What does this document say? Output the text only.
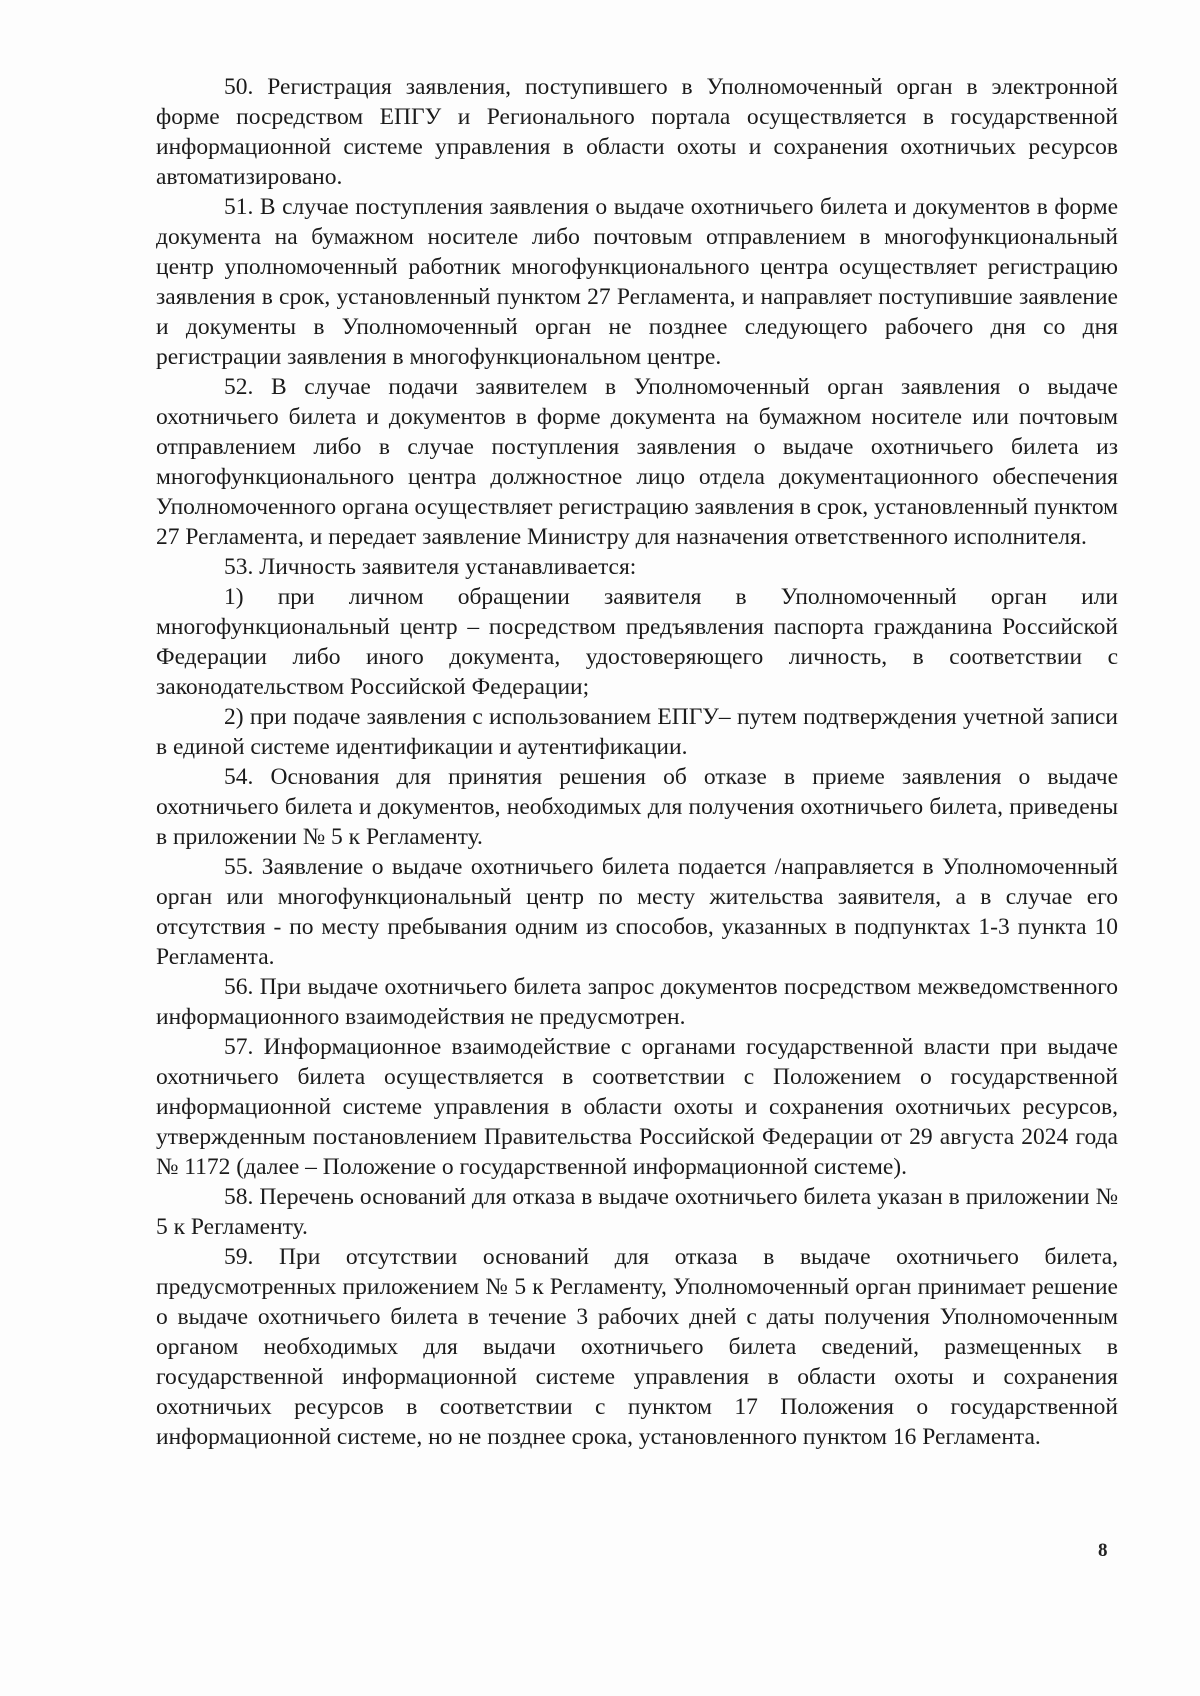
50. Регистрация заявления, поступившего в Уполномоченный орган в электронной форме посредством ЕПГУ и Регионального портала осуществляется в государственной информационной системе управления в области охоты и сохранения охотничьих ресурсов автоматизировано.

51. В случае поступления заявления о выдаче охотничьего билета и документов в форме документа на бумажном носителе либо почтовым отправлением в многофункциональный центр уполномоченный работник многофункционального центра осуществляет регистрацию заявления в срок, установленный пунктом 27 Регламента, и направляет поступившие заявление и документы в Уполномоченный орган не позднее следующего рабочего дня со дня регистрации заявления в многофункциональном центре.

52. В случае подачи заявителем в Уполномоченный орган заявления о выдаче охотничьего билета и документов в форме документа на бумажном носителе или почтовым отправлением либо в случае поступления заявления о выдаче охотничьего билета из многофункционального центра должностное лицо отдела документационного обеспечения Уполномоченного органа осуществляет регистрацию заявления в срок, установленный пунктом 27 Регламента, и передает заявление Министру для назначения ответственного исполнителя.

53. Личность заявителя устанавливается:

1) при личном обращении заявителя в Уполномоченный орган или многофункциональный центр – посредством предъявления паспорта гражданина Российской Федерации либо иного документа, удостоверяющего личность, в соответствии с законодательством Российской Федерации;

2) при подаче заявления с использованием ЕПГУ– путем подтверждения учетной записи в единой системе идентификации и аутентификации.

54. Основания для принятия решения об отказе в приеме заявления о выдаче охотничьего билета и документов, необходимых для получения охотничьего билета, приведены в приложении № 5 к Регламенту.

55. Заявление о выдаче охотничьего билета подается /направляется в Уполномоченный орган или многофункциональный центр по месту жительства заявителя, а в случае его отсутствия - по месту пребывания одним из способов, указанных в подпунктах 1-3 пункта 10 Регламента.

56. При выдаче охотничьего билета запрос документов посредством межведомственного информационного взаимодействия не предусмотрен.

57. Информационное взаимодействие с органами государственной власти при выдаче охотничьего билета осуществляется в соответствии с Положением о государственной информационной системе управления в области охоты и сохранения охотничьих ресурсов, утвержденным постановлением Правительства Российской Федерации от 29 августа 2024 года № 1172 (далее – Положение о государственной информационной системе).

58. Перечень оснований для отказа в выдаче охотничьего билета указан в приложении № 5 к Регламенту.

59. При отсутствии оснований для отказа в выдаче охотничьего билета, предусмотренных приложением № 5 к Регламенту, Уполномоченный орган принимает решение о выдаче охотничьего билета в течение 3 рабочих дней с даты получения Уполномоченным органом необходимых для выдачи охотничьего билета сведений, размещенных в государственной информационной системе управления в области охоты и сохранения охотничьих ресурсов в соответствии с пунктом 17 Положения о государственной информационной системе, но не позднее срока, установленного пунктом 16 Регламента.

8
